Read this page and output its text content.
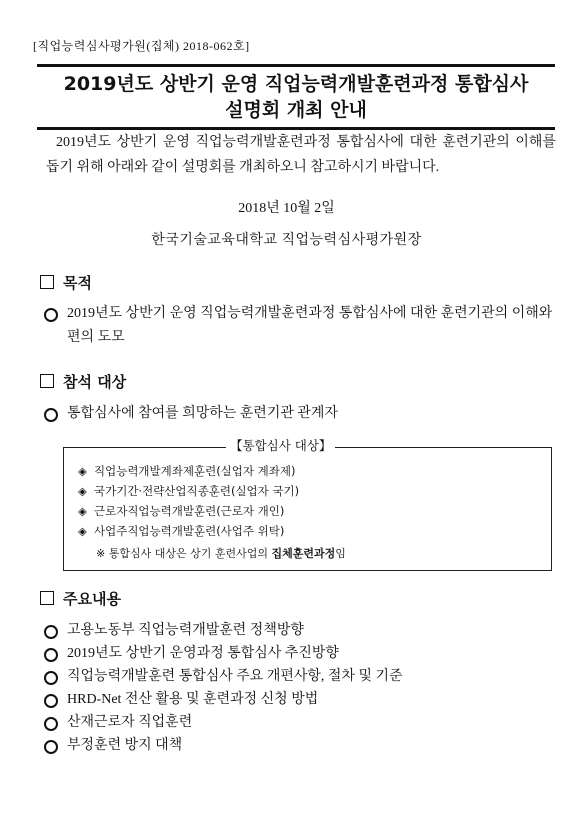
[직업능력심사평가원(집체) 2018-062호]
2019년도 상반기 운영 직업능력개발훈련과정 통합심사
설명회 개최 안내

2019년도 상반기 운영 직업능력개발훈련과정 통합심사에 대한 훈련기관의 이해를 돕기 위해 아래와 같이 설명회를 개최하오니 참고하시기 바랍니다.

2018년 10월 2일
한국기술교육대학교 직업능력심사평가원장
목적
2019년도 상반기 운영 직업능력개발훈련과정 통합심사에 대한 훈련기관의 이해와 편의 도모
참석 대상
통합심사에 참여를 희망하는 훈련기관 관계자
【통합심사 대상】
◈ 직업능력개발계좌제훈련(실업자 계좌제)
◈ 국가기간·전략산업직종훈련(실업자 국기)
◈ 근로자직업능력개발훈련(근로자 개인)
◈ 사업주직업능력개발훈련(사업주 위탁)
※ 통합심사 대상은 상기 훈련사업의 집체훈련과정임
주요내용
고용노동부 직업능력개발훈련 정책방향
2019년도 상반기 운영과정 통합심사 추진방향
직업능력개발훈련 통합심사 주요 개편사항, 절차 및 기준
HRD-Net 전산 활용 및 훈련과정 신청 방법
산재근로자 직업훈련
부정훈련 방지 대책
